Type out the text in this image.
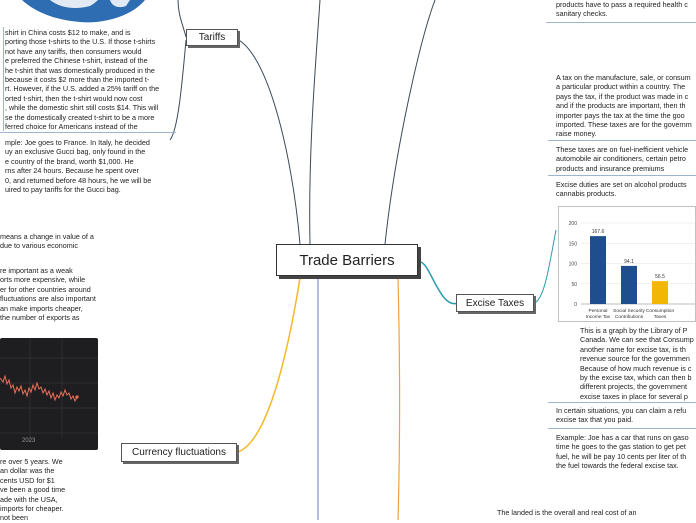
shirt in China costs $12 to make, and is
porting those t-shirts to the U.S. If those t-shirts
not have any tariffs, then consumers would
e preferred the Chinese t-shirt, instead of the
he t-shirt that was domestically produced in the
because it costs $2 more than the imported t-
rt. However, if the U.S. added a 25% tariff on the
orted t-shirt, then the t-shirt would now cost
, while the domestic shirt still costs $14. This will
se the domestically created t-shirt to be a more
ferred choice for Americans instead of the
mple: Joe goes to France. In Italy, he decided
uy an exclusive Gucci bag, only found in the
e country of the brand, worth $1,000. He
rns after 24 hours. Because he spent over
0, and returned before 48 hours, he we will be
uired to pay tariffs for the Gucci bag.
Tariffs
means a change in value of a
due to various economic
re important as a weak
orts more expensive, while
er for other countries around
fluctuations are also important
an make imports cheaper,
the number of exports as
2023
re over 5 years. We
an dollar was the
cents USD for $1
ve been a good time
ade with the USA,
imports for cheaper.
not been
Currency fluctuations
Trade Barriers
Excise Taxes
products have to pass a required health c
sanitary checks.
A tax on the manufacture, sale, or consum
a particular product within a country. The
pays the tax, if the product was made in c
and if the products are important, then th
importer pays the tax at the time the goo
imported. These taxes are for the governm
raise money.
These taxes are on fuel-inefficient vehicle
automobile air conditioners, certain petro
products and insurance premiums
Excise duties are set on alcohol products
cannabis products.
0
50
100
150
200
167.6
Personal
Income Tax
94.1
Social Security
Contributions
56.5
Consumption
Taxes
This is a graph by the Library of P
Canada. We can see that Consump
another name for excise tax, is th
revenue source for the governmen
Because of how much revenue is c
by the excise tax, which can then b
different projects, the government
excise taxes in place for several p
In certain situations, you can claim a refu
excise tax that you paid.
Example: Joe has a car that runs on gaso
time he goes to the gas station to get pet
fuel, he will be pay 10 cents per liter of th
the fuel towards the federal excise tax.
The landed is the overall and real cost of an
